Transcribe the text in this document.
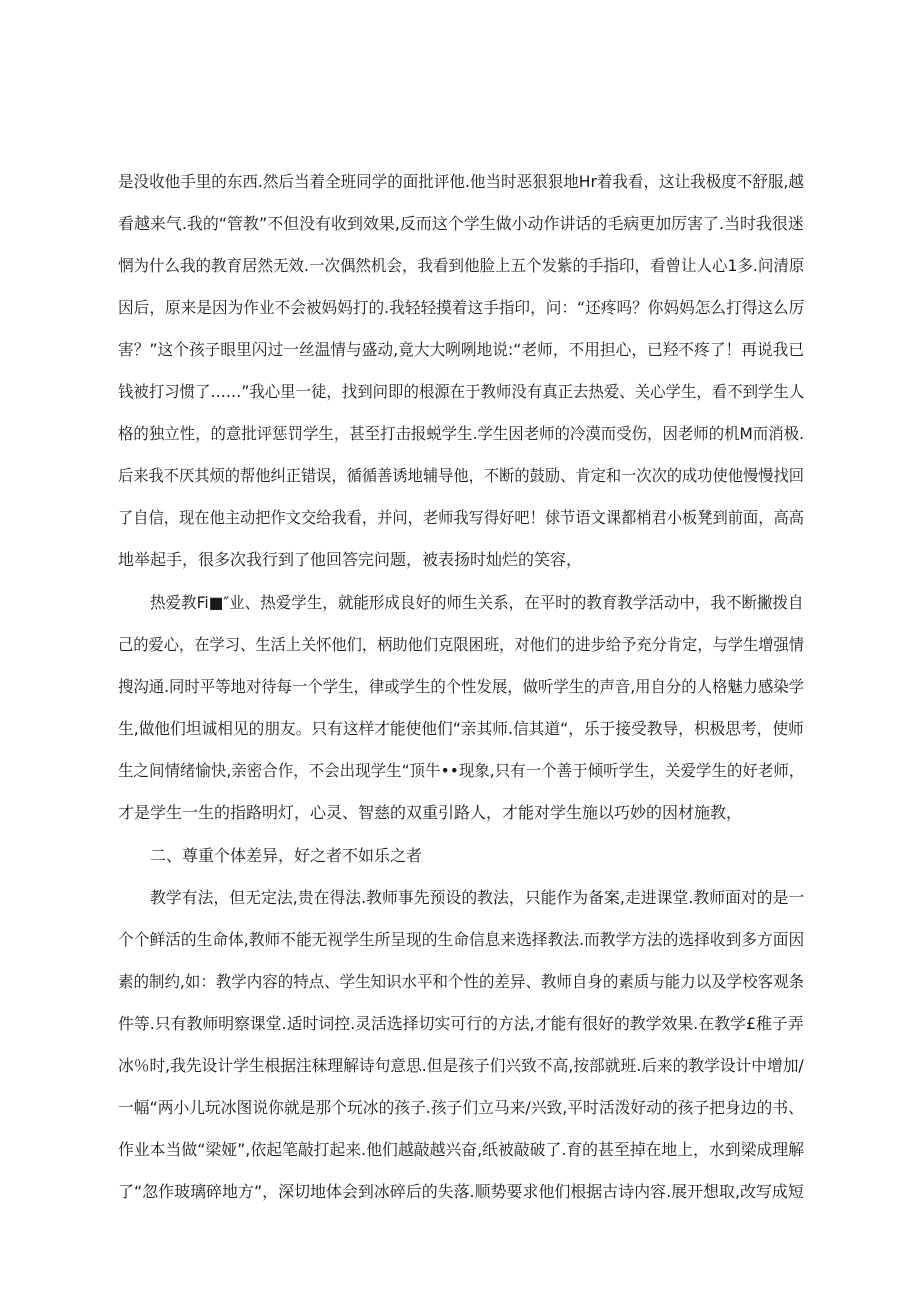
是没收他手里的东西.然后当着全班同学的面批评他.他当时恶狠狠地Hr着我看，这让我极度不舒服,越
看越来气.我的“管教”不但没有收到效果,反而这个学生做小动作讲话的毛病更加厉害了.当时我很迷
惘为什么我的教育居然无效.一次偶然机会，我看到他脸上五个发紫的手指印，看曾让人心1多.问清原
因后，原来是因为作业不会被妈妈打的.我轻轻摸着这手指印，问：“还疼吗？你妈妈怎么打得这么厉
害？”这个孩子眼里闪过一丝温情与盛动,竟大大咧咧地说:“老师，不用担心，已羟不疼了！再说我已
钱被打习惯了……”我心里一徒，找到问即的根源在于教师没有真正去热爱、关心学生，看不到学生人
格的独立性，的意批评惩罚学生，甚至打击报蜕学生.学生因老师的冷漠而受伤，因老师的机M而消极.
后来我不厌其烦的帮他纠正错误，循循善诱地辅导他，不断的鼓励、肯定和一次次的成功使他慢慢找回
了自信，现在他主动把作文交给我看，并问，老师我写得好吧！俅节语文课都梢君小板凳到前面，高高
地举起手，很多次我行到了他回答完问题，被表扬时灿烂的笑容，
热爱教Fi■″业、热爱学生，就能形成良好的师生关系，在平时的教育教学活动中，我不断撇拨自
己的爱心，在学习、生活上关怀他们，柄助他们克限困班，对他们的进步给予充分肯定，与学生增强情
搜沟通.同时平等地对待每一个学生，律或学生的个性发展，做听学生的声音,用自分的人格魅力感染学
生,做他们坦诚相见的朋友。只有这样才能使他们“亲其师.信其道“，乐于接受教导，枳极思考，使师
生之间情绪愉快,亲密合作，不会出现学生“顶牛••现象,只有一个善于倾听学生，关爱学生的好老师，
才是学生一生的指路明灯，心灵、智慈的双重引路人，才能对学生施以巧妙的因材施教，
二、尊重个体差异，好之者不如乐之者
教学有法，但无定法,贵在得法.教师事先预设的教法，只能作为备案,走进课堂.教师面对的是一
个个鲜活的生命体,教师不能无视学生所呈现的生命信息来选择教法.而教学方法的选择收到多方面因
素的制约,如：教学内容的特点、学生知识水平和个性的差异、教师自身的素质与能力以及学校客观条
件等.只有教师明察课堂.适时词控.灵活选择切实可行的方法,才能有很好的教学效果.在教学£稚子弄
冰％时,我先设计学生根据注秣理解诗句意思.但是孩子们兴致不高,按部就班.后来的教学设计中增加/
一幅“两小儿玩冰图说你就是那个玩冰的孩子.孩子们立马来/兴致,平时活泼好动的孩子把身边的书、
作业本当做“梁娅”,依起笔敲打起来.他们越敲越兴奋,纸被敲破了.育的甚至掉在地上，水到梁成理解
了“忽作玻璃碎地方”，深切地体会到冰碎后的失落.顺势要求他们根据古诗内容.展开想取,改写成短
